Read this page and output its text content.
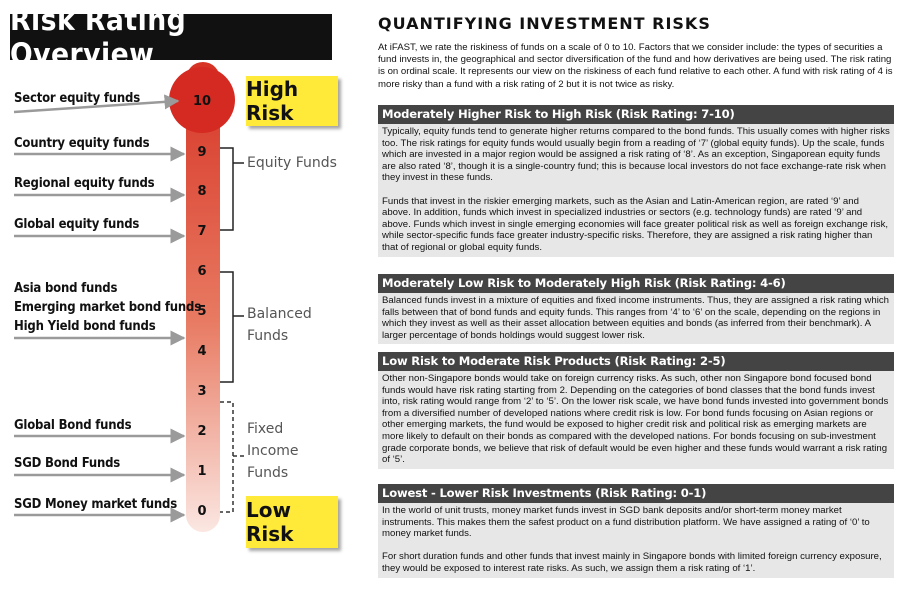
Risk Rating Overview
10
9
8
7
6
5
4
3
2
1
0
Sector equity funds
Country equity funds
Regional equity funds
Global equity funds
Asia bond funds
Emerging market bond funds
High Yield bond funds
Global Bond funds
SGD Bond Funds
SGD Money market funds
Equity Funds
Balanced
Funds
Fixed
Income
Funds
High Risk
Low Risk
QUANTIFYING INVESTMENT RISKS
At iFAST, we rate the riskiness of funds on a scale of 0 to 10. Factors that we consider include: the types of securities a fund invests in, the geographical and sector diversification of the fund and how derivatives are being used. The risk rating is on ordinal scale. It represents our view on the riskiness of each fund relative to each other. A fund with risk rating of 4 is more risky than a fund with a risk rating of 2 but it is not twice as risky.
Moderately Higher Risk to High Risk (Risk Rating: 7-10)

Typically, equity funds tend to generate higher returns compared to the bond funds. This usually comes with higher risks too. The risk ratings for equity funds would usually begin from a reading of ‘7’ (global equity funds). Up the scale, funds which are invested in a major region would be assigned a risk rating of ‘8’. As an exception, Singaporean equity funds are also rated ‘8’, though it is a single-country fund; this is because local investors do not face exchange-rate risk when they invest in these funds.

Funds that invest in the riskier emerging markets, such as the Asian and Latin-American region, are rated ‘9’ and above. In addition, funds which invest in specialized industries or sectors (e.g. technology funds) are rated ‘9’ and above. Funds which invest in single emerging economies will face greater political risk as well as foreign exchange risk, while sector-specific funds face greater industry-specific risks. Therefore, they are assigned a risk rating higher than that of regional or global equity funds.

Moderately Low Risk to Moderately High Risk (Risk Rating: 4-6)

Balanced funds invest in a mixture of equities and fixed income instruments. Thus, they are assigned a risk rating which falls between that of bond funds and equity funds. This ranges from ‘4’ to ‘6’ on the scale, depending on the regions in which they invest as well as their asset allocation between equities and bonds (as inferred from their benchmark). A larger percentage of bonds holdings would suggest lower risk.

Low Risk to Moderate Risk Products (Risk Rating: 2-5)

Other non-Singapore bonds would take on foreign currency risks. As such, other non Singapore bond focused bond funds would have risk rating starting from 2. Depending on the categories of bond classes that the bond funds invest into, risk rating would range from ‘2’ to ‘5’. On the lower risk scale, we have bond funds invested into government bonds from a diversified number of developed nations where credit risk is low. For bond funds focusing on Asian regions or other emerging markets, the fund would be exposed to higher credit risk and political risk as emerging markets are more likely to default on their bonds as compared with the developed nations. For bonds focusing on sub-investment grade corporate bonds, we believe that risk of default would be even higher and these funds would warrant a risk rating of ‘5’.

Lowest - Lower Risk Investments (Risk Rating: 0-1)

In the world of unit trusts, money market funds invest in SGD bank deposits and/or short-term money market instruments. This makes them the safest product on a fund distribution platform. We have assigned a rating of ‘0’ to money market funds.

For short duration funds and other funds that invest mainly in Singapore bonds with limited foreign currency exposure, they would be exposed to interest rate risks. As such, we assign them a risk rating of ‘1’.
